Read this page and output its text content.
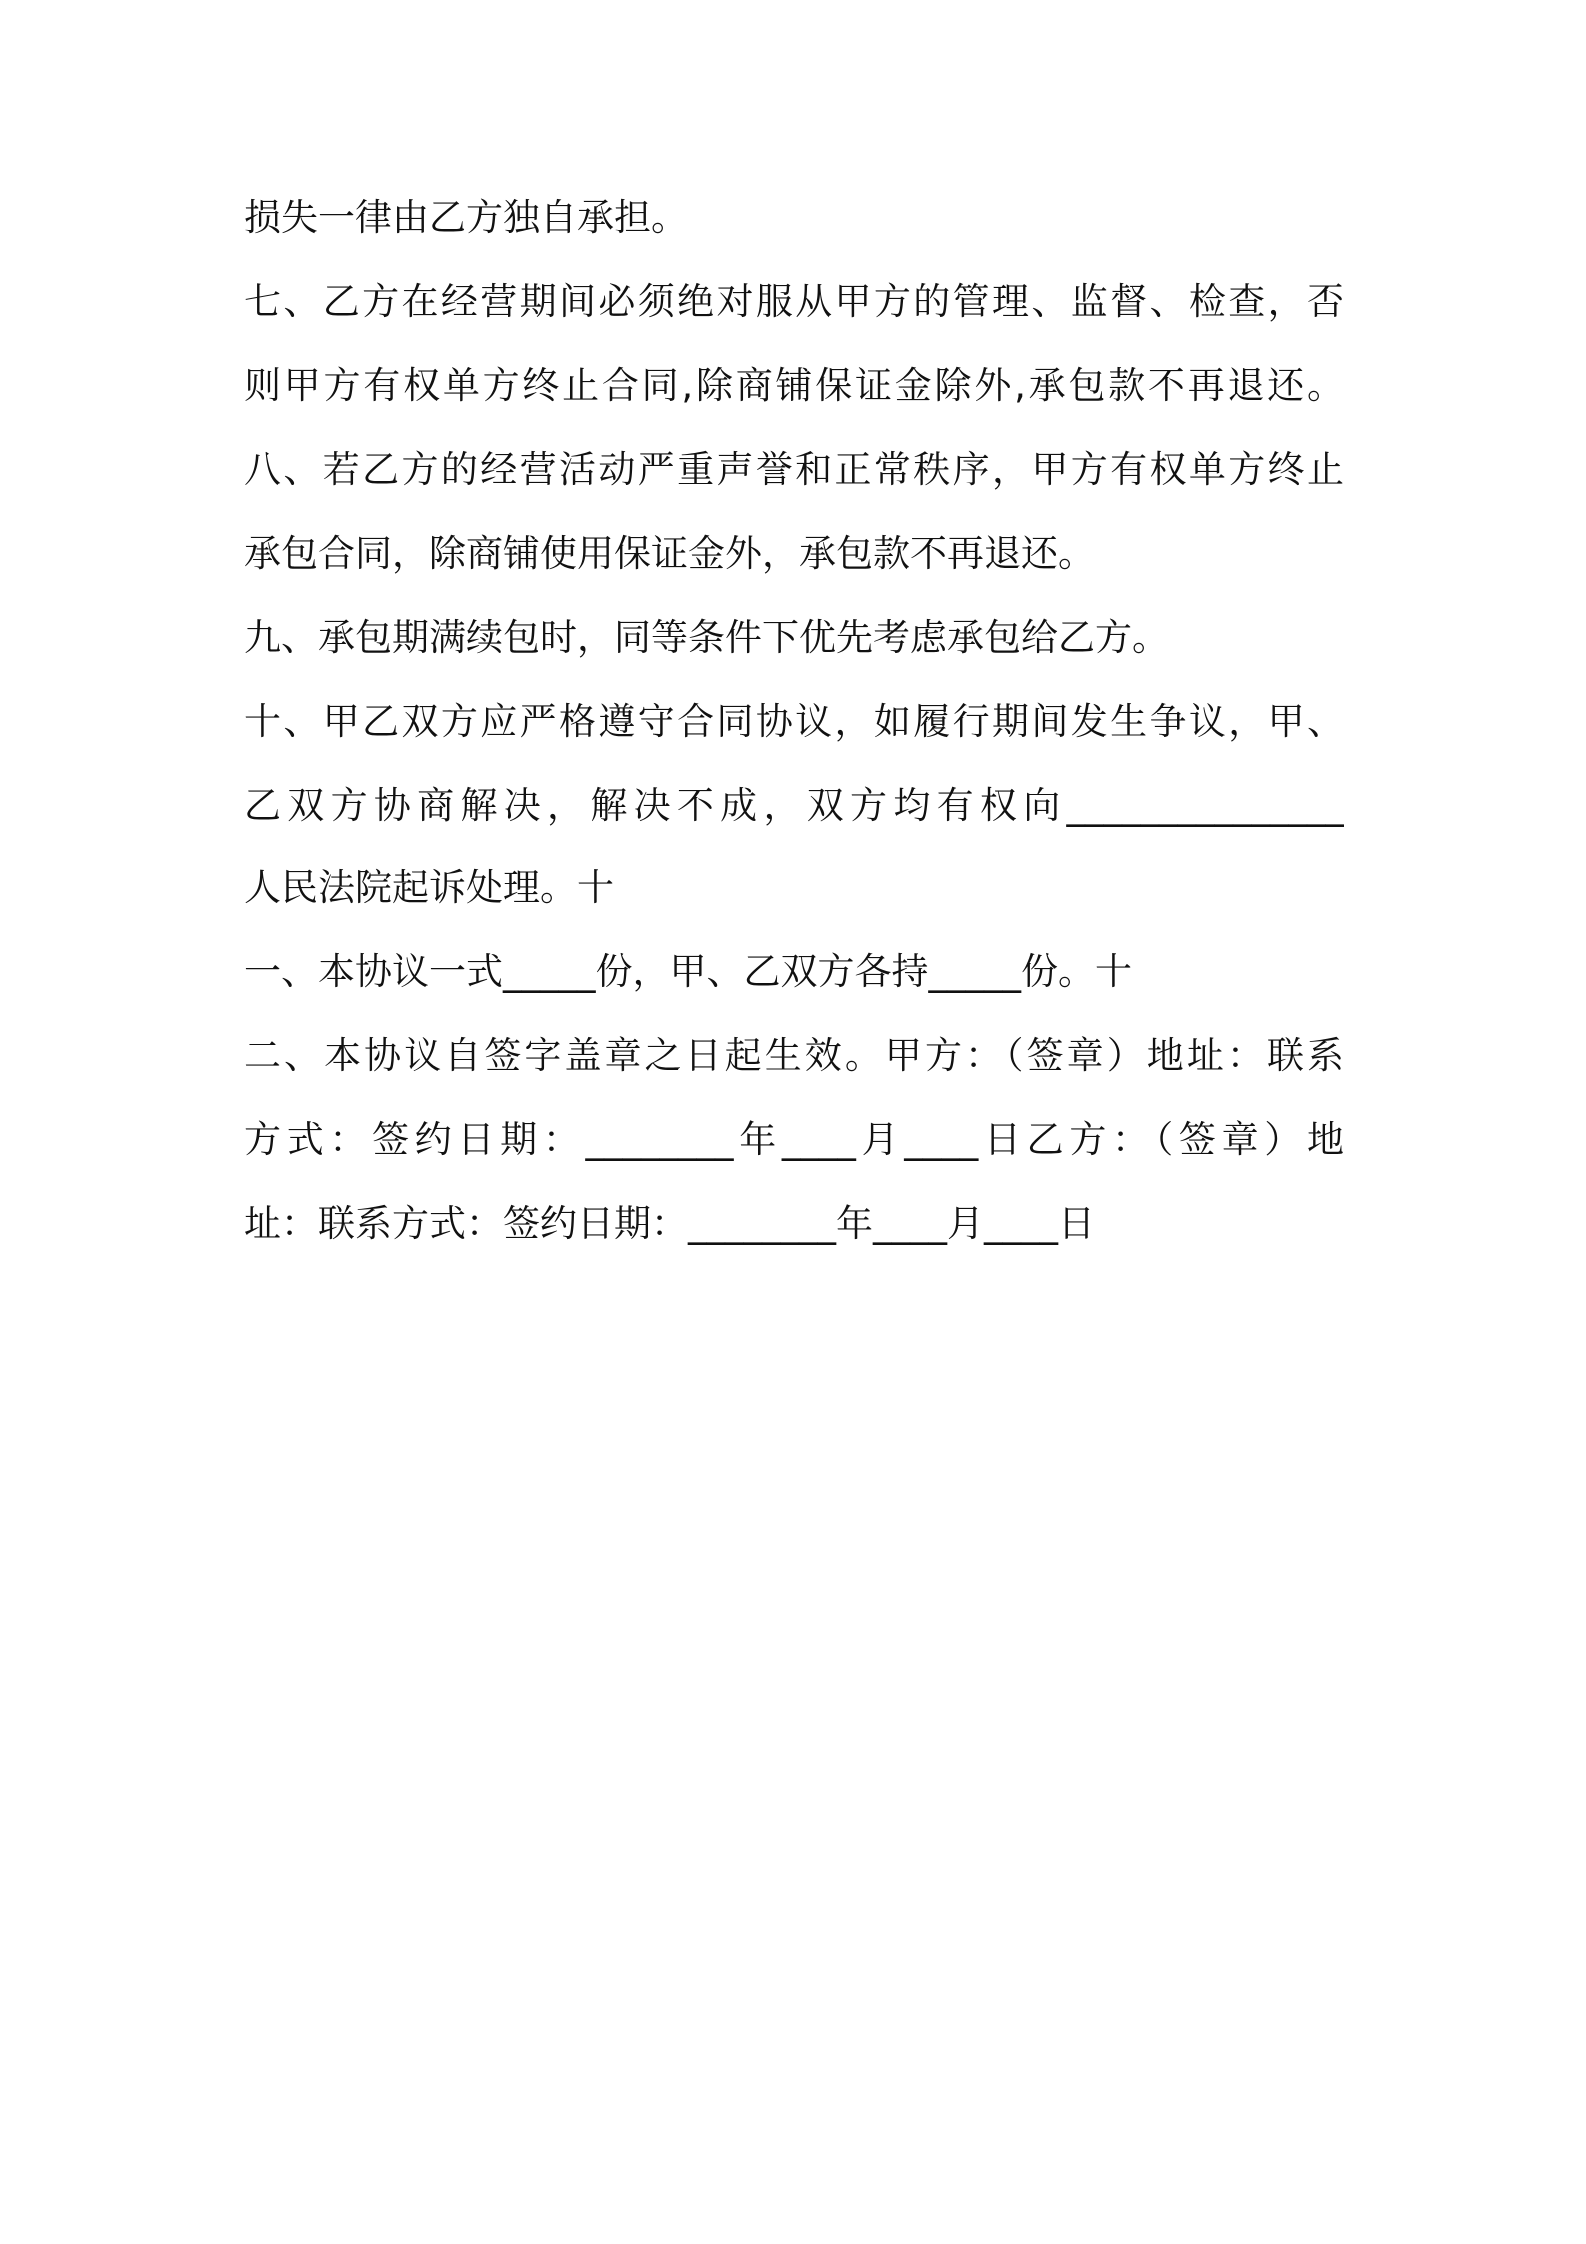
损失一律由乙方独自承担。
七、乙方在经营期间必须绝对服从甲方的管理、监督、检查，否
则甲方有权单方终止合同,除商铺保证金除外,承包款不再退还。
八、若乙方的经营活动严重声誉和正常秩序，甲方有权单方终止
承包合同，除商铺使用保证金外，承包款不再退还。
九、承包期满续包时，同等条件下优先考虑承包给乙方。
十、甲乙双方应严格遵守合同协议，如履行期间发生争议，甲、
乙双方协商解决，解决不成，双方均有权向_______________
人民法院起诉处理。十
一、本协议一式_____份，甲、乙双方各持_____份。十
二、本协议自签字盖章之日起生效。甲方：（签章）地址：联系
方式：签约日期：________年____月____日乙方：（签章）地
址：联系方式：签约日期：________年____月____日
